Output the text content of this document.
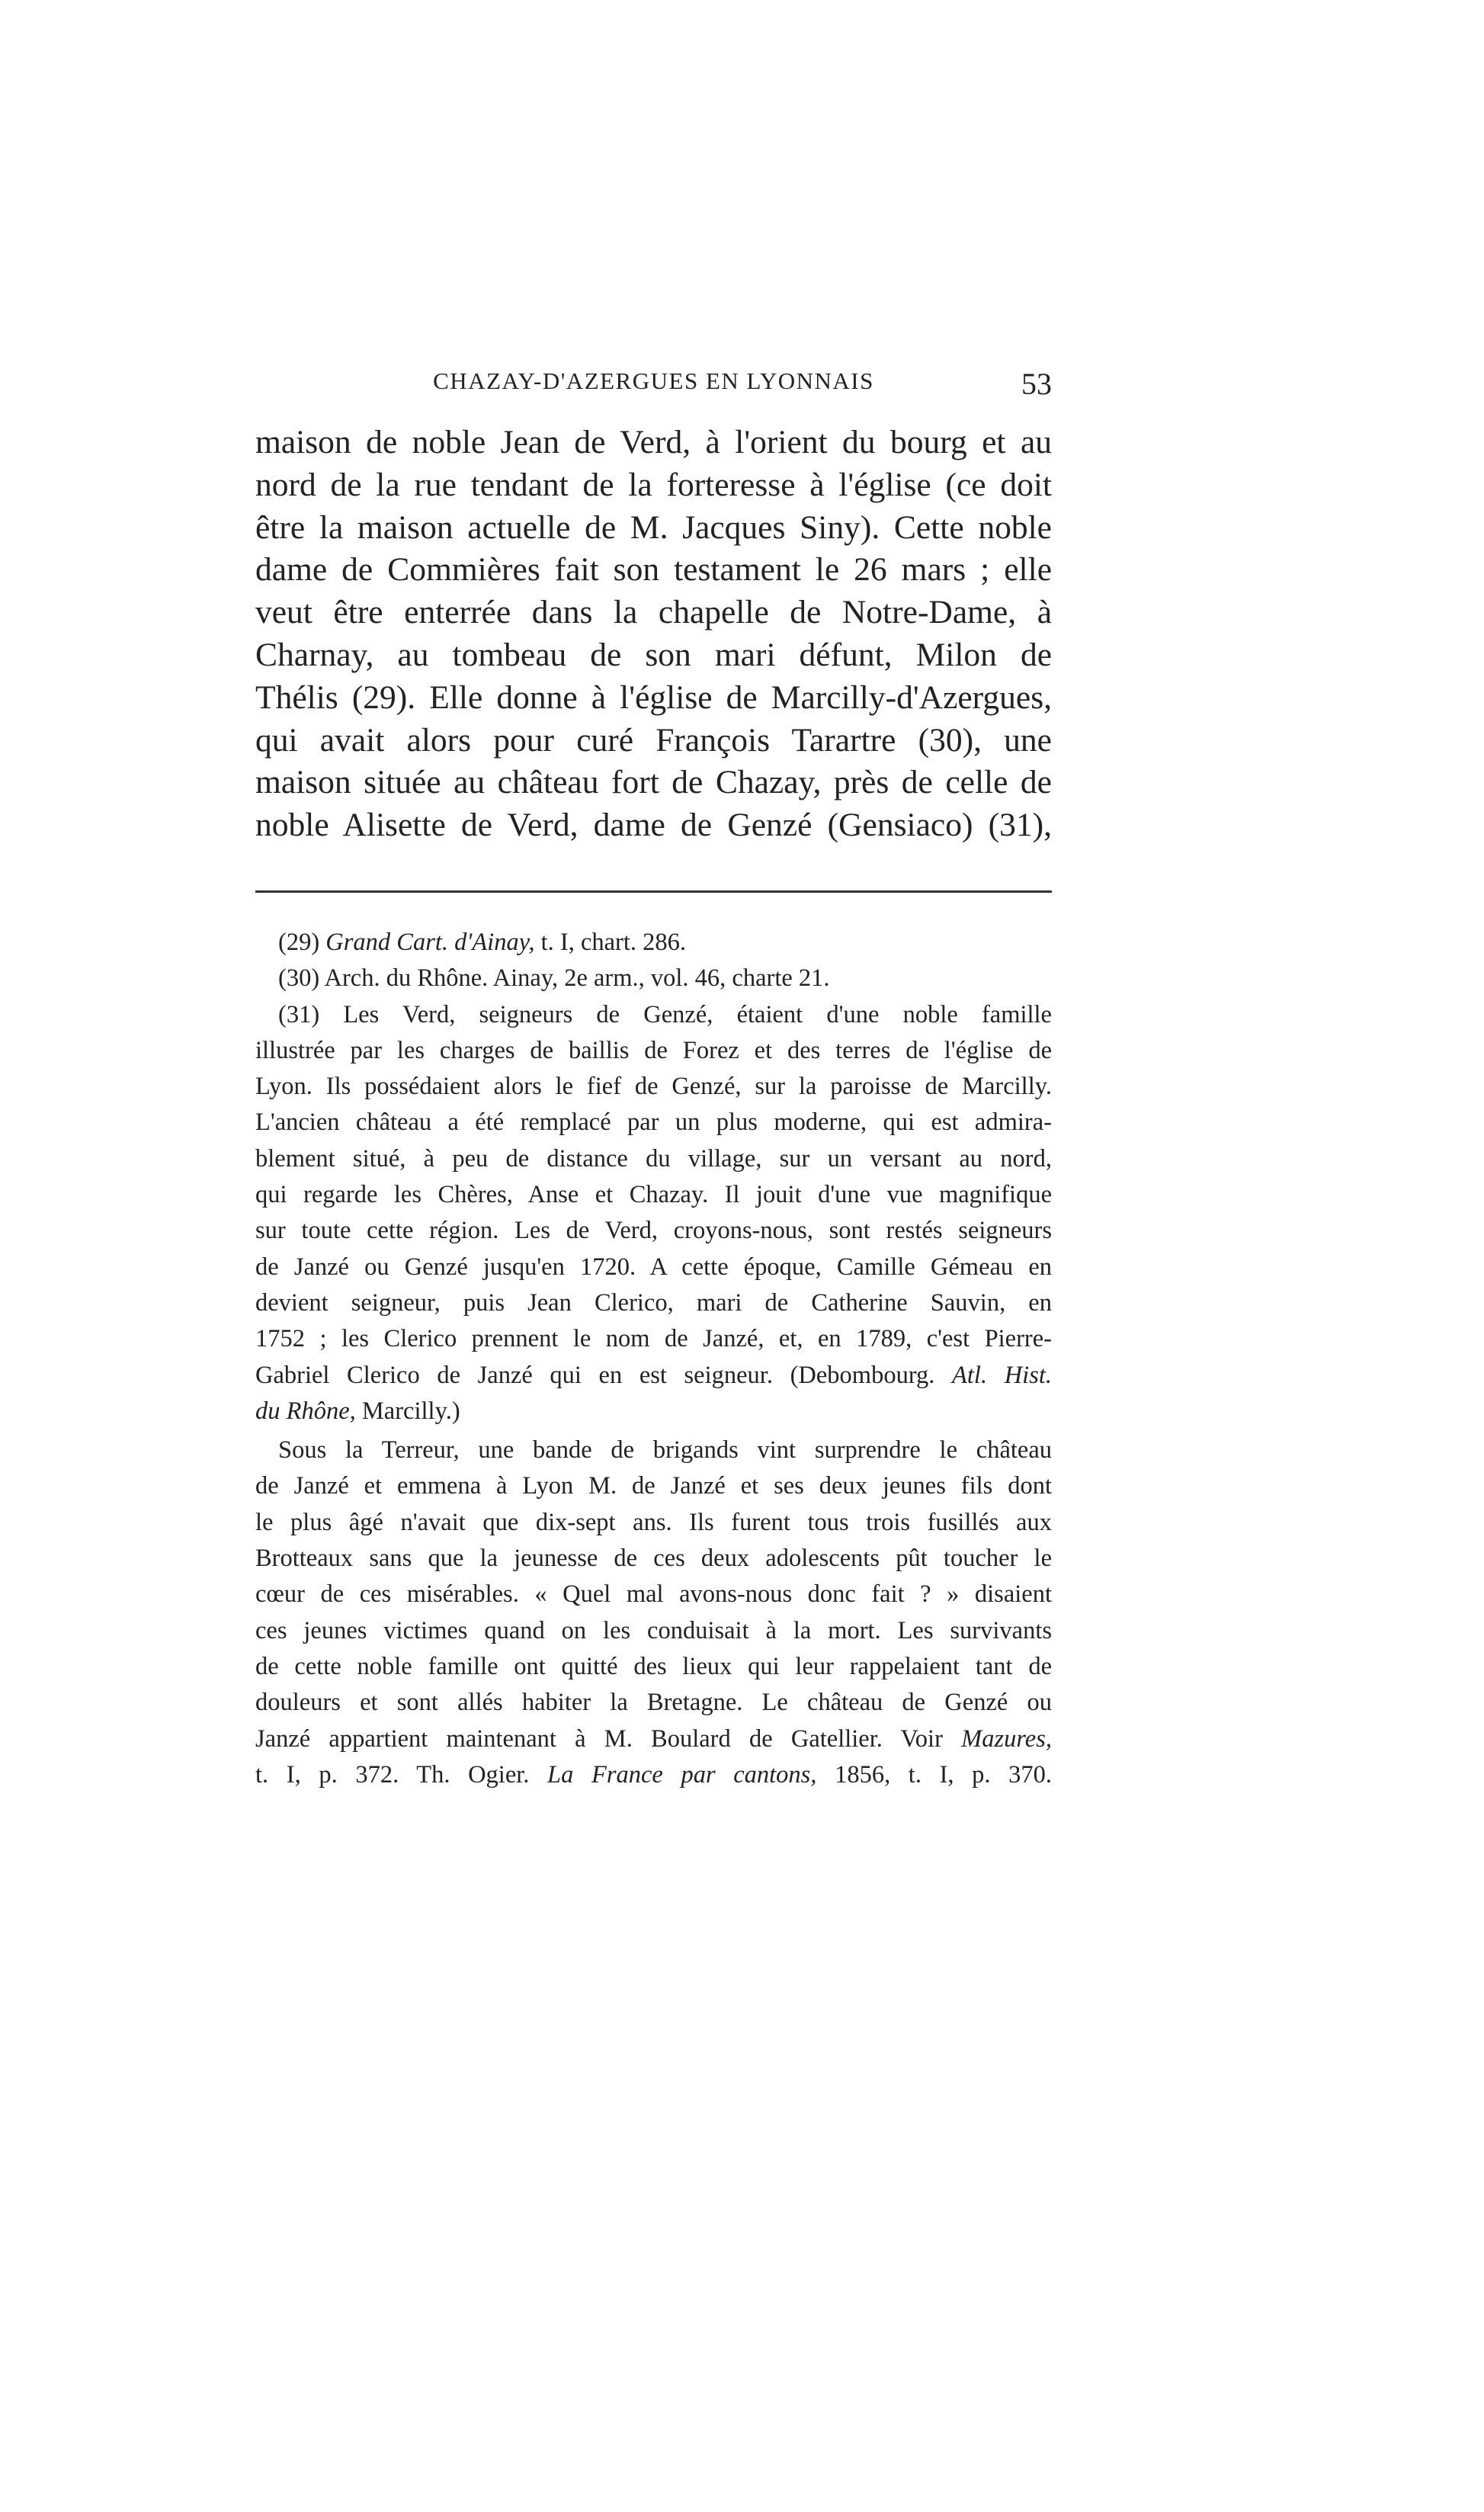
CHAZAY-D'AZERGUES EN LYONNAIS	53
maison de noble Jean de Verd, à l'orient du bourg et au
nord de la rue tendant de la forteresse à l'église (ce doit
être la maison actuelle de M. Jacques Siny). Cette noble
dame de Commières fait son testament le 26 mars ; elle
veut être enterrée dans la chapelle de Notre-Dame, à
Charnay, au tombeau de son mari défunt, Milon de
Thélis (29). Elle donne à l'église de Marcilly-d'Azergues,
qui avait alors pour curé François Tarartre (30), une
maison située au château fort de Chazay, près de celle de
noble Alisette de Verd, dame de Genzé (Gensiaco) (31),
(29) Grand Cart. d'Ainay, t. I, chart. 286.
(30) Arch. du Rhône. Ainay, 2e arm., vol. 46, charte 21.
(31) Les Verd, seigneurs de Genzé, étaient d'une noble famille
illustrée par les charges de baillis de Forez et des terres de l'église de
Lyon. Ils possédaient alors le fief de Genzé, sur la paroisse de Marcilly.
L'ancien château a été remplacé par un plus moderne, qui est admira-
blement situé, à peu de distance du village, sur un versant au nord,
qui regarde les Chères, Anse et Chazay. Il jouit d'une vue magnifique
sur toute cette région. Les de Verd, croyons-nous, sont restés seigneurs
de Janzé ou Genzé jusqu'en 1720. A cette époque, Camille Gémeau en
devient seigneur, puis Jean Clerico, mari de Catherine Sauvin, en
1752 ; les Clerico prennent le nom de Janzé, et, en 1789, c'est Pierre-
Gabriel Clerico de Janzé qui en est seigneur. (Debombourg. Atl. Hist.
du Rhône, Marcilly.)
Sous la Terreur, une bande de brigands vint surprendre le château
de Janzé et emmena à Lyon M. de Janzé et ses deux jeunes fils dont
le plus âgé n'avait que dix-sept ans. Ils furent tous trois fusillés aux
Brotteaux sans que la jeunesse de ces deux adolescents pût toucher le
cœur de ces misérables. « Quel mal avons-nous donc fait ? » disaient
ces jeunes victimes quand on les conduisait à la mort. Les survivants
de cette noble famille ont quitté des lieux qui leur rappelaient tant de
douleurs et sont allés habiter la Bretagne. Le château de Genzé ou
Janzé appartient maintenant à M. Boulard de Gatellier. Voir Mazures,
t. I, p. 372. Th. Ogier. La France par cantons, 1856, t. I, p. 370.
